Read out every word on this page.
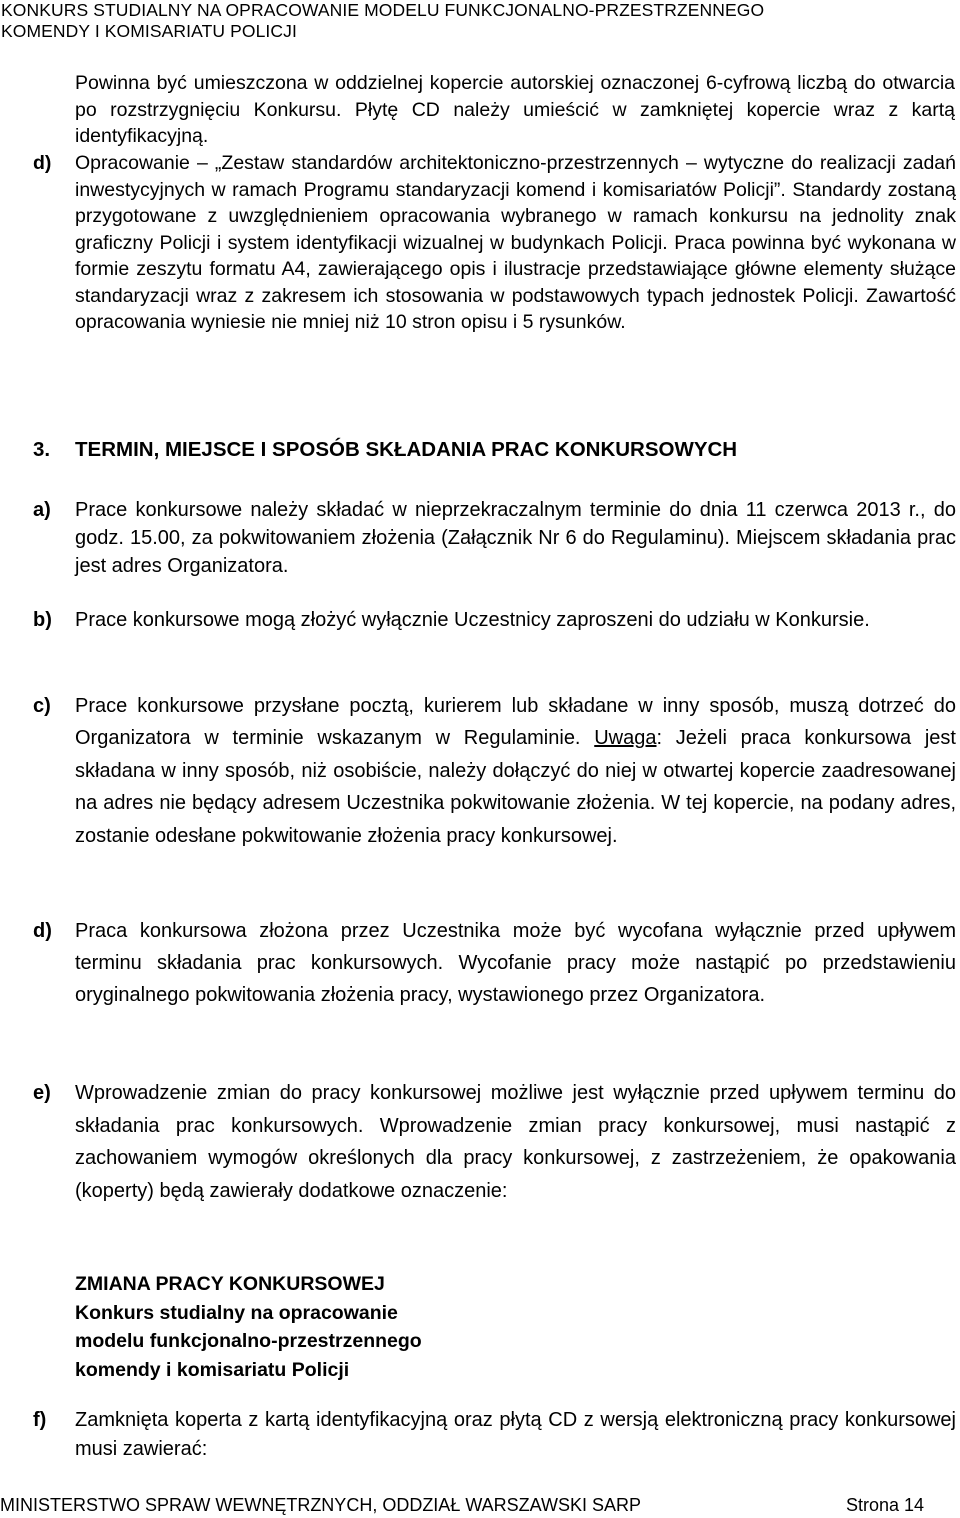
KONKURS STUDIALNY NA OPRACOWANIE MODELU FUNKCJONALNO-PRZESTRZENNEGO
KOMENDY I KOMISARIATU POLICJI
Powinna być umieszczona w oddzielnej kopercie autorskiej oznaczonej 6-cyfrową liczbą do otwarcia po rozstrzygnięciu Konkursu. Płytę CD należy umieścić w zamkniętej kopercie wraz z kartą identyfikacyjną.
d) Opracowanie – „Zestaw standardów architektoniczno-przestrzennych – wytyczne do realizacji zadań inwestycyjnych w ramach Programu standaryzacji komend i komisariatów Policji”. Standardy zostaną przygotowane z uwzględnieniem opracowania wybranego w ramach konkursu na jednolity znak graficzny Policji i system identyfikacji wizualnej w budynkach Policji. Praca powinna być wykonana w formie zeszytu formatu A4, zawierającego opis i ilustracje przedstawiające główne elementy służące standaryzacji wraz z zakresem ich stosowania w podstawowych typach jednostek Policji. Zawartość opracowania wyniesie nie mniej niż 10 stron opisu i 5 rysunków.
3. TERMIN, MIEJSCE I SPOSÓB SKŁADANIA PRAC KONKURSOWYCH
a) Prace konkursowe należy składać w nieprzekraczalnym terminie do dnia 11 czerwca 2013 r., do godz. 15.00, za pokwitowaniem złożenia (Załącznik Nr 6 do Regulaminu). Miejscem składania prac jest adres Organizatora.
b) Prace konkursowe mogą złożyć wyłącznie Uczestnicy zaproszeni do udziału w Konkursie.
c) Prace konkursowe przysłane pocztą, kurierem lub składane w inny sposób, muszą dotrzeć do Organizatora w terminie wskazanym w Regulaminie. Uwaga: Jeżeli praca konkursowa jest składana w inny sposób, niż osobiście, należy dołączyć do niej w otwartej kopercie zaadresowanej na adres nie będący adresem Uczestnika pokwitowanie złożenia. W tej kopercie, na podany adres, zostanie odesłane pokwitowanie złożenia pracy konkursowej.
d) Praca konkursowa złożona przez Uczestnika może być wycofana wyłącznie przed upływem terminu składania prac konkursowych. Wycofanie pracy może nastąpić po przedstawieniu oryginalnego pokwitowania złożenia pracy, wystawionego przez Organizatora.
e) Wprowadzenie zmian do pracy konkursowej możliwe jest wyłącznie przed upływem terminu do składania prac konkursowych. Wprowadzenie zmian pracy konkursowej, musi nastąpić z zachowaniem wymogów określonych dla pracy konkursowej, z zastrzeżeniem, że opakowania (koperty) będą zawierały dodatkowe oznaczenie:
ZMIANA PRACY KONKURSOWEJ
Konkurs studialny na opracowanie
modelu funkcjonalno-przestrzennego
komendy i komisariatu Policji
f) Zamknięta koperta z kartą identyfikacyjną oraz płytą CD z wersją elektroniczną pracy konkursowej musi zawierać:
MINISTERSTWO SPRAW WEWNĘTRZNYCH, ODDZIAŁ WARSZAWSKI SARP	Strona 14
